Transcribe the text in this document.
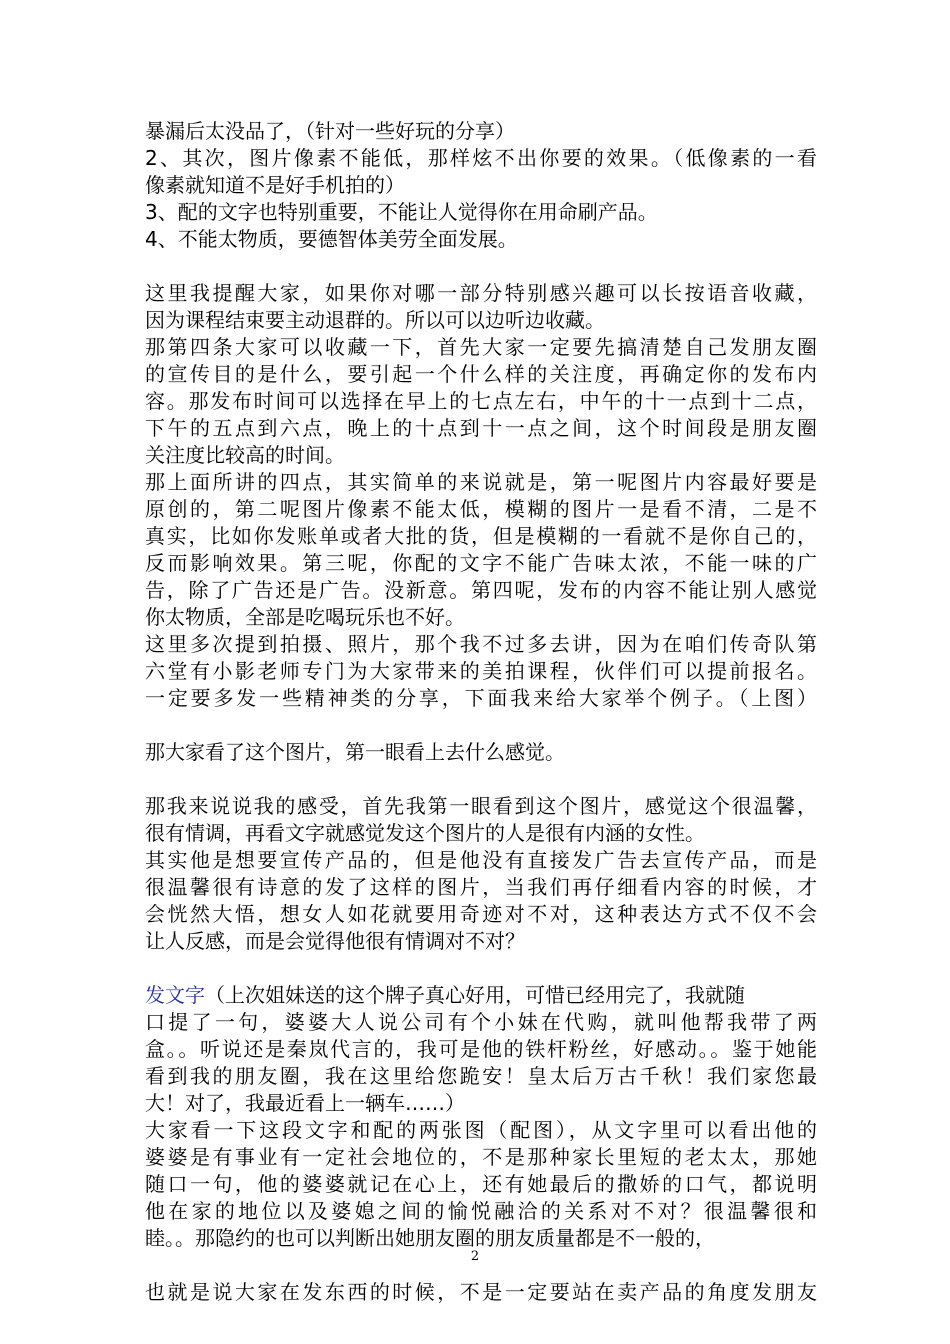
暴漏后太没品了，（针对一些好玩的分享）
2、其次，图片像素不能低，那样炫不出你要的效果。（低像素的一看
像素就知道不是好手机拍的）
3、配的文字也特别重要，不能让人觉得你在用命刷产品。
4、不能太物质，要德智体美劳全面发展。
这里我提醒大家，如果你对哪一部分特别感兴趣可以长按语音收藏，
因为课程结束要主动退群的。所以可以边听边收藏。
那第四条大家可以收藏一下，首先大家一定要先搞清楚自己发朋友圈
的宣传目的是什么，要引起一个什么样的关注度，再确定你的发布内
容。那发布时间可以选择在早上的七点左右，中午的十一点到十二点，
下午的五点到六点，晚上的十点到十一点之间，这个时间段是朋友圈
关注度比较高的时间。
那上面所讲的四点，其实简单的来说就是，第一呢图片内容最好要是
原创的，第二呢图片像素不能太低，模糊的图片一是看不清，二是不
真实，比如你发账单或者大批的货，但是模糊的一看就不是你自己的，
反而影响效果。第三呢，你配的文字不能广告味太浓，不能一味的广
告，除了广告还是广告。没新意。第四呢，发布的内容不能让别人感觉
你太物质，全部是吃喝玩乐也不好。
这里多次提到拍摄、照片，那个我不过多去讲，因为在咱们传奇队第
六堂有小影老师专门为大家带来的美拍课程，伙伴们可以提前报名。
一定要多发一些精神类的分享，下面我来给大家举个例子。（上图）
那大家看了这个图片，第一眼看上去什么感觉。
那我来说说我的感受，首先我第一眼看到这个图片，感觉这个很温馨，
很有情调，再看文字就感觉发这个图片的人是很有内涵的女性。
其实他是想要宣传产品的，但是他没有直接发广告去宣传产品，而是
很温馨很有诗意的发了这样的图片，当我们再仔细看内容的时候，才
会恍然大悟，想女人如花就要用奇迹对不对，这种表达方式不仅不会
让人反感，而是会觉得他很有情调对不对？
发文字（上次姐妹送的这个牌子真心好用，可惜已经用完了，我就随
口提了一句，婆婆大人说公司有个小妹在代购，就叫他帮我带了两
盒。。听说还是秦岚代言的，我可是他的铁杆粉丝，好感动。。鉴于她能
看到我的朋友圈，我在这里给您跪安！皇太后万古千秋！我们家您最
大！对了，我最近看上一辆车……）
大家看一下这段文字和配的两张图（配图），从文字里可以看出他的
婆婆是有事业有一定社会地位的，不是那种家长里短的老太太，那她
随口一句，他的婆婆就记在心上，还有她最后的撒娇的口气，都说明
他在家的地位以及婆媳之间的愉悦融洽的关系对不对？很温馨很和
睦。。那隐约的也可以判断出她朋友圈的朋友质量都是不一般的，
也就是说大家在发东西的时候，不是一定要站在卖产品的角度发朋友
2
